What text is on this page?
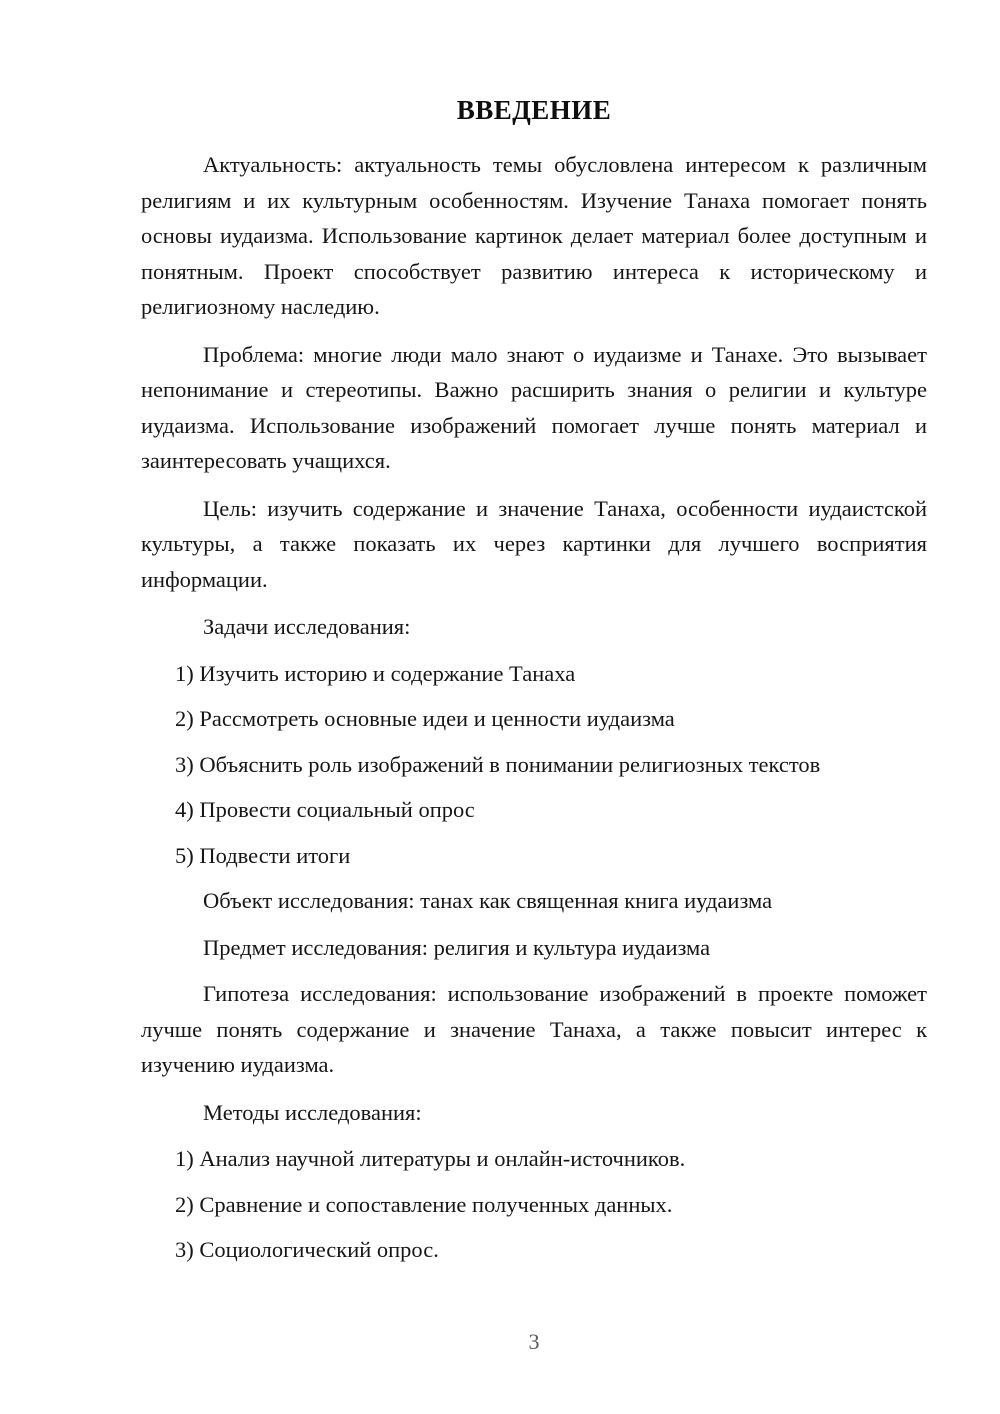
ВВЕДЕНИЕ

Актуальность: актуальность темы обусловлена интересом к различным религиям и их культурным особенностям. Изучение Танаха помогает понять основы иудаизма. Использование картинок делает материал более доступным и понятным. Проект способствует развитию интереса к историческому и религиозному наследию.

Проблема: многие люди мало знают о иудаизме и Танахе. Это вызывает непонимание и стереотипы. Важно расширить знания о религии и культуре иудаизма. Использование изображений помогает лучше понять материал и заинтересовать учащихся.

Цель: изучить содержание и значение Танаха, особенности иудаистской культуры, а также показать их через картинки для лучшего восприятия информации.

Задачи исследования:

1) Изучить историю и содержание Танаха
2) Рассмотреть основные идеи и ценности иудаизма
3) Объяснить роль изображений в понимании религиозных текстов
4) Провести социальный опрос
5) Подвести итоги

Объект исследования: танах как священная книга иудаизма

Предмет исследования: религия и культура иудаизма

Гипотеза исследования: использование изображений в проекте поможет лучше понять содержание и значение Танаха, а также повысит интерес к изучению иудаизма.

Методы исследования:

1) Анализ научной литературы и онлайн-источников.
2) Сравнение и сопоставление полученных данных.
3) Социологический опрос.
3
